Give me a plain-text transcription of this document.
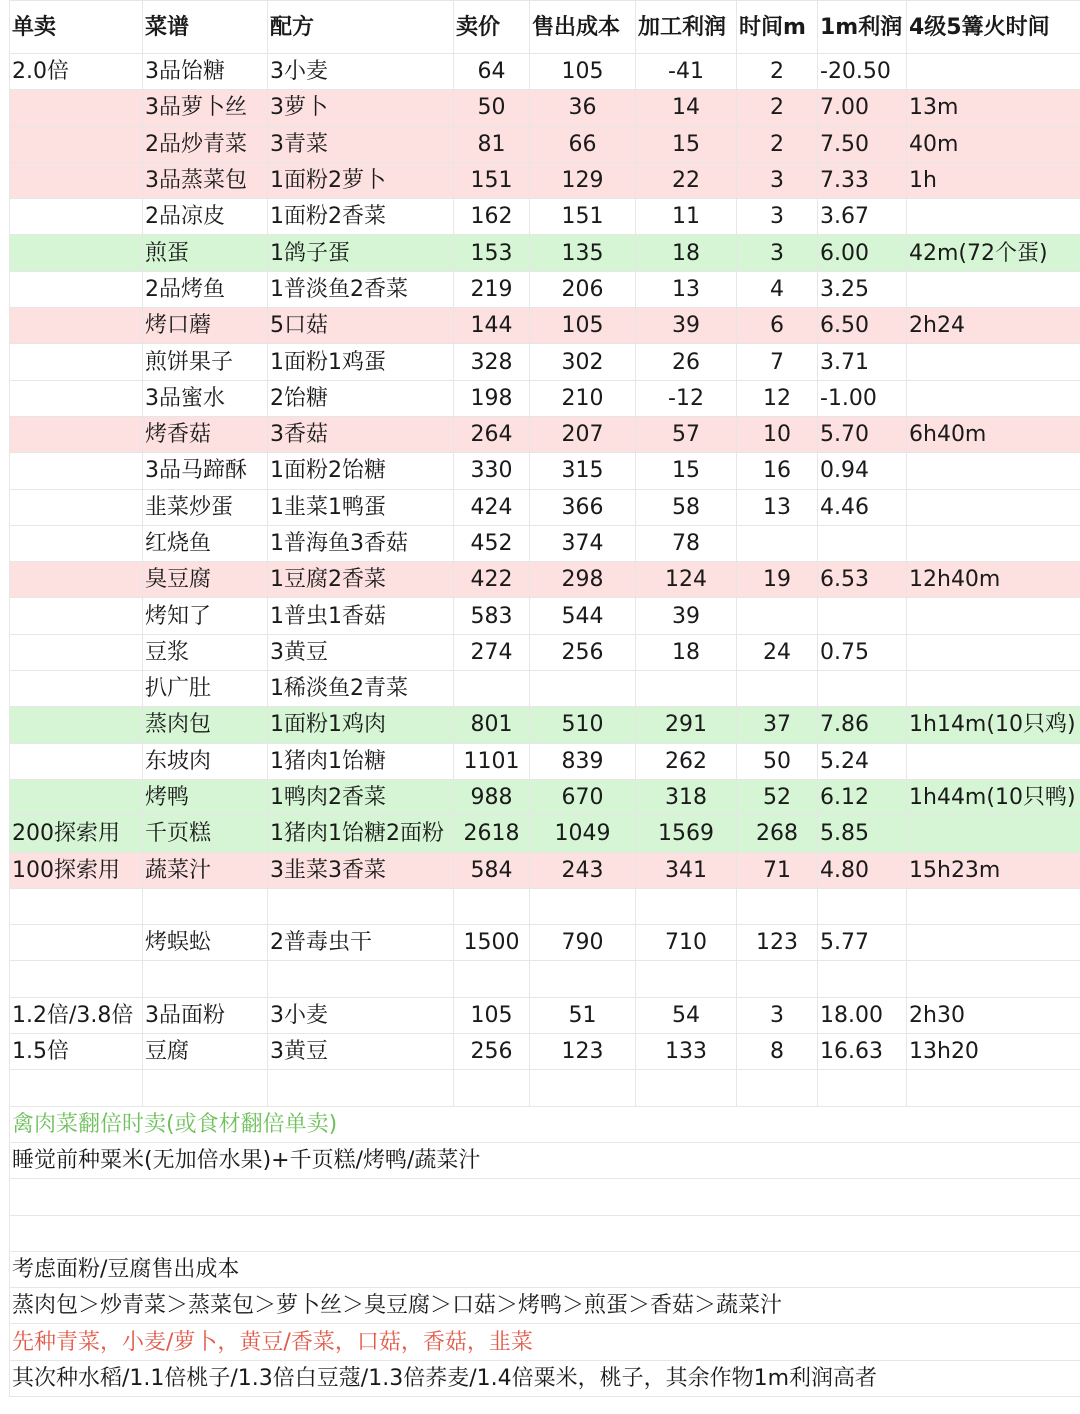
单卖	菜谱	配方	卖价	售出成本	加工利润	时间m	1m利润	4级5篝火时间
2.0倍	3品饴糖	3小麦	64	105	-41	2	-20.50	
	3品萝卜丝	3萝卜	50	36	14	2	7.00	13m
	2品炒青菜	3青菜	81	66	15	2	7.50	40m
	3品蒸菜包	1面粉2萝卜	151	129	22	3	7.33	1h
	2品凉皮	1面粉2香菜	162	151	11	3	3.67	
	煎蛋	1鸽子蛋	153	135	18	3	6.00	42m(72个蛋)
	2品烤鱼	1普淡鱼2香菜	219	206	13	4	3.25	
	烤口蘑	5口菇	144	105	39	6	6.50	2h24
	煎饼果子	1面粉1鸡蛋	328	302	26	7	3.71	
	3品蜜水	2饴糖	198	210	-12	12	-1.00	
	烤香菇	3香菇	264	207	57	10	5.70	6h40m
	3品马蹄酥	1面粉2饴糖	330	315	15	16	0.94	
	韭菜炒蛋	1韭菜1鸭蛋	424	366	58	13	4.46	
	红烧鱼	1普海鱼3香菇	452	374	78			
	臭豆腐	1豆腐2香菜	422	298	124	19	6.53	12h40m
	烤知了	1普虫1香菇	583	544	39			
	豆浆	3黄豆	274	256	18	24	0.75	
	扒广肚	1稀淡鱼2青菜						
	蒸肉包	1面粉1鸡肉	801	510	291	37	7.86	1h14m(10只鸡)
	东坡肉	1猪肉1饴糖	1101	839	262	50	5.24	
	烤鸭	1鸭肉2香菜	988	670	318	52	6.12	1h44m(10只鸭)
200探索用	千页糕	1猪肉1饴糖2面粉	2618	1049	1569	268	5.85	
100探索用	蔬菜汁	3韭菜3香菜	584	243	341	71	4.80	15h23m

	烤蜈蚣	2普毒虫干	1500	790	710	123	5.77	

1.2倍/3.8倍	3品面粉	3小麦	105	51	54	3	18.00	2h30
1.5倍	豆腐	3黄豆	256	123	133	8	16.63	13h20

禽肉菜翻倍时卖(或食材翻倍单卖)								
睡觉前种粟米(无加倍水果)+千页糕/烤鸭/蔬菜汁								

考虑面粉/豆腐售出成本								
蒸肉包＞炒青菜＞蒸菜包＞萝卜丝＞臭豆腐＞口菇＞烤鸭＞煎蛋＞香菇＞蔬菜汁								
先种青菜，小麦/萝卜，黄豆/香菜，口菇，香菇，韭菜								
其次种水稻/1.1倍桃子/1.3倍白豆蔻/1.3倍荞麦/1.4倍粟米，桃子，其余作物1m利润高者								
